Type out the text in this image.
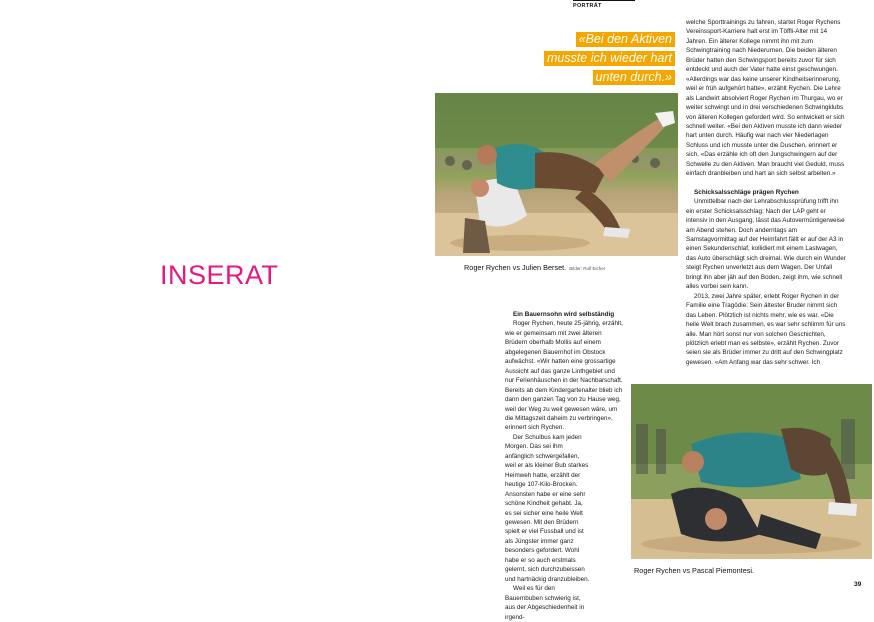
PORTRÄT
INSERAT
«Bei den Aktiven
musste ich wieder hart
unten durch.»
Roger Rychen vs Julien Berset. Bilder: Rolf Eicher
Roger Rychen vs Pascal Piemontesi.
Ein Bauernsohn wird selbständig

Roger Rychen, heute 25-jährig, erzählt, wie er gemeinsam mit zwei älteren Brüdern oberhalb Mollis auf einem abgelegenen Bauernhof im Obstock aufwächst. «Wir hatten eine grossartige Aussicht auf das ganze Linthgebiet und nur Ferienhäuschen in der Nachbarschaft. Bereits ab dem Kindergartenalter blieb ich dann den ganzen Tag von zu Hause weg, weil der Weg zu weit gewesen wäre, um die Mittagszeit daheim zu verbringen», erinnert sich Rychen.

Der Schulbus kam jeden Morgen. Das sei ihm anfänglich schwergefallen, weil er als kleiner Bub starkes Heimweh hatte, erzählt der heutige 107-Kilo-Brocken. Ansonsten habe er eine sehr schöne Kindheit gehabt. Ja, es sei sicher eine heile Welt gewesen. Mit den Brüdern spielt er viel Fussball und ist als Jüngster immer ganz besonders gefordert. Wohl habe er so auch erstmals gelernt, sich durchzubeissen und hartnäckig dranzubleiben.

Weil es für den Bauernbuben schwierig ist, aus der Abgeschiedenheit in irgend-

welche Sporttrainings zu fahren, startet Roger Rychens Vereinssport-Karriere halt erst im Töffli-Alter mit 14 Jahren. Ein älterer Kollege nimmt ihn mit zum Schwingtraining nach Niederurnen. Die beiden älteren Brüder hatten den Schwingsport bereits zuvor für sich entdeckt und auch der Vater hatte einst geschwungen. «Allerdings war das keine unserer Kindheitserinnerung, weil er früh aufgehört hatte», erzählt Rychen. Die Lehre als Landwirt absolviert Roger Rychen im Thurgau, wo er weiter schwingt und in drei verschiedenen Schwingklubs von älteren Kollegen gefordert wird. So entwickelt er sich schnell weiter. «Bei den Aktiven musste ich dann wieder hart unten durch. Häufig war nach vier Niederlagen Schluss und ich musste unter die Duschen, erinnert er sich. «Das erzähle ich oft den Jungschwingern auf der Schwelle zu den Aktiven. Man braucht viel Geduld, muss einfach dranbleiben und hart an sich selbst arbeiten.»

Schicksalsschläge prägen Rychen

Unmittelbar nach der Lehrabschlussprüfung trifft ihn ein erster Schicksalsschlag: Nach der LAP geht er intensiv in den Ausgang, lässt das Autovermüntigerweise am Abend stehen. Doch anderntags am Samstagvormittag auf der Heimfahrt fällt er auf der A3 in einen Sekundenschlaf, kollidiert mit einem Lastwagen, das Auto überschlägt sich dreimal. Wie durch ein Wunder steigt Rychen unverletzt aus dem Wagen. Der Unfall bringt ihn aber jäh auf den Boden, zeigt ihm, wie schnell alles vorbei sein kann.

2013, zwei Jahre später, erlebt Roger Rychen in der Familie eine Tragödie: Sein ältester Bruder nimmt sich das Leben. Plötzlich ist nichts mehr, wie es war. «Die heile Welt brach zusammen, es war sehr schlimm für uns alle. Man hört sonst nur von solchen Geschichten, plötzlich erlebt man es selbste», erzählt Rychen. Zuvor seien sie als Brüder immer zu dritt auf den Schwingplatz gewesen. «Am Anfang war das sehr schwer. Ich

39
